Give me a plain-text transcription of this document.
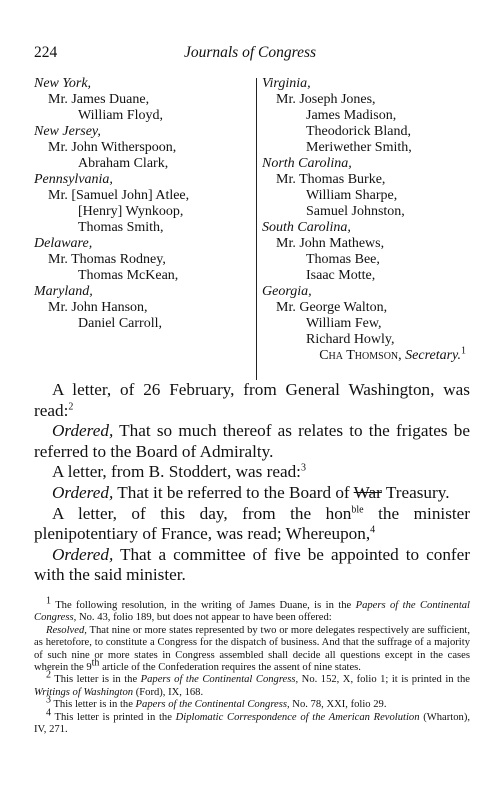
224	Journals of Congress
New York,
Mr. James Duane,
William Floyd,
New Jersey,
Mr. John Witherspoon,
Abraham Clark,
Pennsylvania,
Mr. [Samuel John] Atlee,
[Henry] Wynkoop,
Thomas Smith,
Delaware,
Mr. Thomas Rodney,
Thomas McKean,
Maryland,
Mr. John Hanson,
Daniel Carroll,
Virginia,
Mr. Joseph Jones,
James Madison,
Theodorick Bland,
Meriwether Smith,
North Carolina,
Mr. Thomas Burke,
William Sharpe,
Samuel Johnston,
South Carolina,
Mr. John Mathews,
Thomas Bee,
Isaac Motte,
Georgia,
Mr. George Walton,
William Few,
Richard Howly,
Cha Thomson, Secretary.$^1$

A letter, of 26 February, from General Washington, was read:$^2$

Ordered, That so much thereof as relates to the frigates be referred to the Board of Admiralty.

A letter, from B. Stoddert, was read:$^3$

Ordered, That it be referred to the Board of War Treasury.

A letter, of this day, from the hon$^{ble}$ the minister plenipotentiary of France, was read; Whereupon,$^4$

Ordered, That a committee of five be appointed to confer with the said minister.

$^1$ The following resolution, in the writing of James Duane, is in the Papers of the Continental Congress, No. 43, folio 189, but does not appear to have been offered:

Resolved, That nine or more states represented by two or more delegates respectively are sufficient, as heretofore, to constitute a Congress for the dispatch of business. And that the suffrage of a majority of such nine or more states in Congress assembled shall decide all questions except in the cases wherein the 9th article of the Confederation requires the assent of nine states.

$^2$ This letter is in the Papers of the Continental Congress, No. 152, X, folio 1; it is printed in the Writings of Washington (Ford), IX, 168.

$^3$ This letter is in the Papers of the Continental Congress, No. 78, XXI, folio 29.

$^4$ This letter is printed in the Diplomatic Correspondence of the American Revolution (Wharton), IV, 271.
